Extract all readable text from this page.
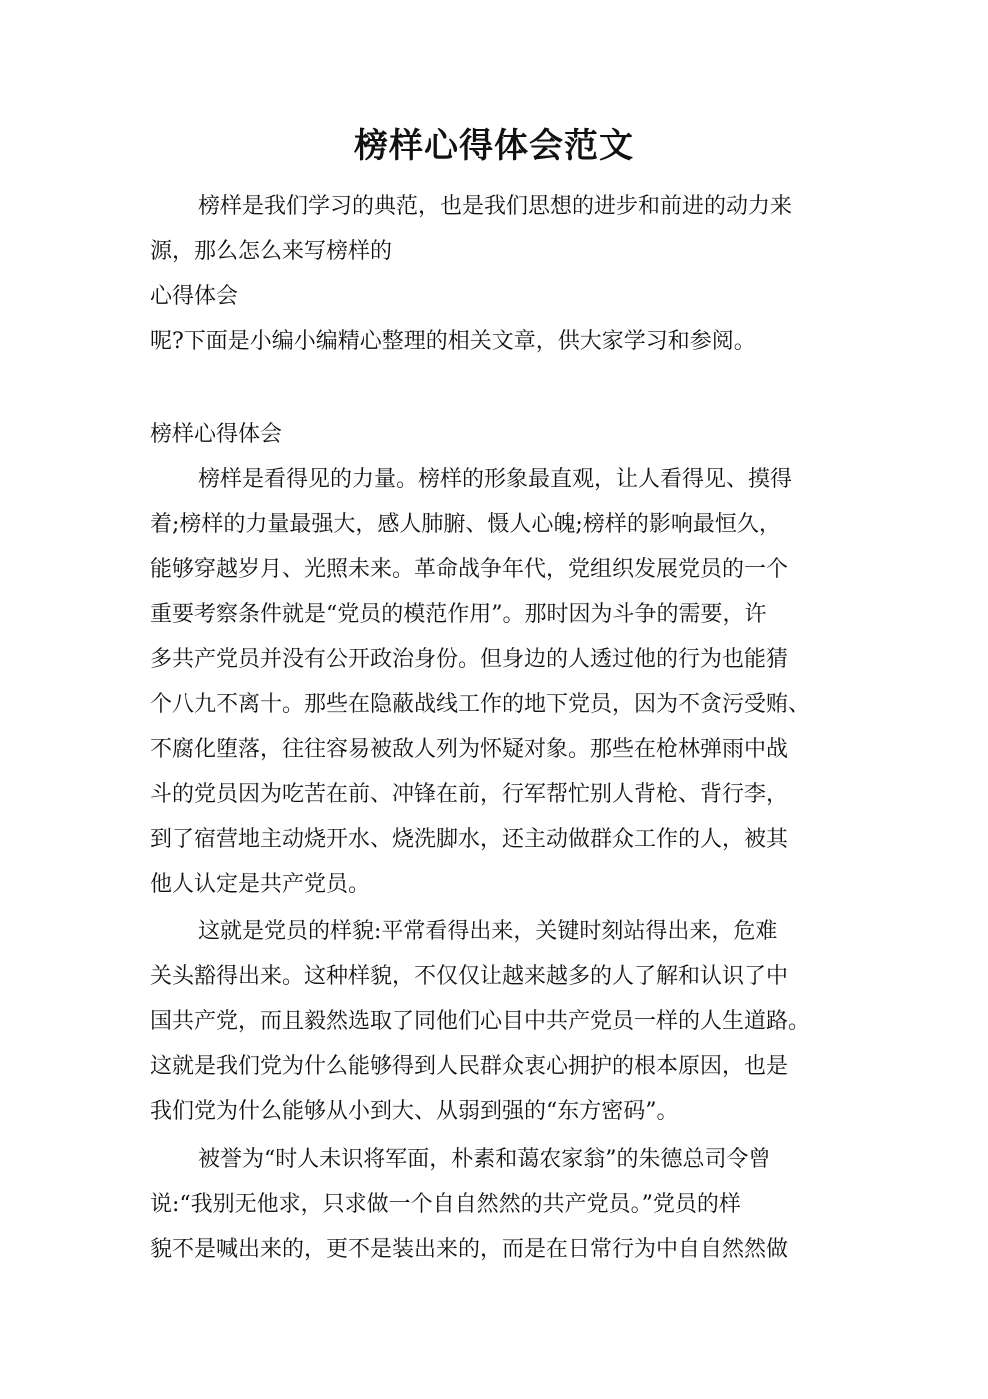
榜样心得体会范文

榜样是我们学习的典范，也是我们思想的进步和前进的动力来

源，那么怎么来写榜样的

心得体会

呢?下面是小编小编精心整理的相关文章，供大家学习和参阅。

榜样心得体会

榜样是看得见的力量。榜样的形象最直观，让人看得见、摸得

着;榜样的力量最强大，感人肺腑、慑人心魄;榜样的影响最恒久，

能够穿越岁月、光照未来。革命战争年代，党组织发展党员的一个

重要考察条件就是“党员的模范作用”。那时因为斗争的需要，许

多共产党员并没有公开政治身份。但身边的人透过他的行为也能猜

个八九不离十。那些在隐蔽战线工作的地下党员，因为不贪污受贿、

不腐化堕落，往往容易被敌人列为怀疑对象。那些在枪林弹雨中战

斗的党员因为吃苦在前、冲锋在前，行军帮忙别人背枪、背行李，

到了宿营地主动烧开水、烧洗脚水，还主动做群众工作的人，被其

他人认定是共产党员。

这就是党员的样貌:平常看得出来，关键时刻站得出来，危难

关头豁得出来。这种样貌，不仅仅让越来越多的人了解和认识了中

国共产党，而且毅然选取了同他们心目中共产党员一样的人生道路。

这就是我们党为什么能够得到人民群众衷心拥护的根本原因，也是

我们党为什么能够从小到大、从弱到强的“东方密码”。

被誉为“时人未识将军面，朴素和蔼农家翁”的朱德总司令曾

说:“我别无他求，只求做一个自自然然的共产党员。”党员的样

貌不是喊出来的，更不是装出来的，而是在日常行为中自自然然做
